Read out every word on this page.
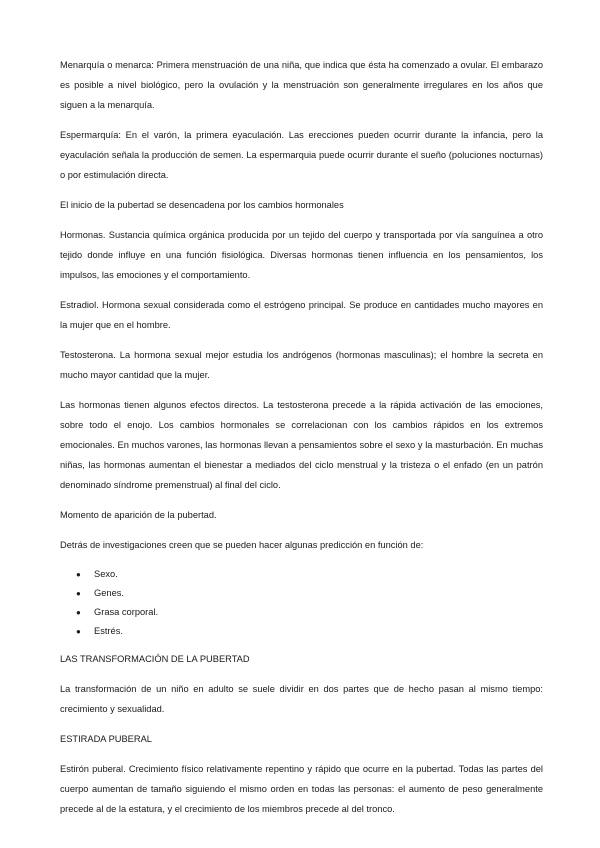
Menarquía o menarca: Primera menstruación de una niña, que indica que ésta ha comenzado a ovular. El embarazo es posible a nivel biológico, pero la ovulación y la menstruación son generalmente irregulares en los años que siguen a la menarquía.

Espermarquía: En el varón, la primera eyaculación. Las erecciones pueden ocurrir durante la infancia, pero la eyaculación señala la producción de semen. La espermarquia puede ocurrir durante el sueño (poluciones nocturnas) o por estimulación directa.

El inicio de la pubertad se desencadena por los cambios hormonales

Hormonas. Sustancia química orgánica producida por un tejido del cuerpo y transportada por vía sanguínea a otro tejido donde influye en una función fisiológica. Diversas hormonas tienen influencia en los pensamientos, los impulsos, las emociones y el comportamiento.

Estradiol. Hormona sexual considerada como el estrógeno principal. Se produce en cantidades mucho mayores en la mujer que en el hombre.

Testosterona. La hormona sexual mejor estudia los andrógenos (hormonas masculinas); el hombre la secreta en mucho mayor cantidad que la mujer.

Las hormonas tienen algunos efectos directos. La testosterona precede a la rápida activación de las emociones, sobre todo el enojo. Los cambios hormonales se correlacionan con los cambios rápidos en los extremos emocionales. En muchos varones, las hormonas llevan a pensamientos sobre el sexo y la masturbación. En muchas niñas, las hormonas aumentan el bienestar a mediados del ciclo menstrual y la tristeza o el enfado (en un patrón denominado síndrome premenstrual) al final del ciclo.

Momento de aparición de la pubertad.

Detrás de investigaciones creen que se pueden hacer algunas predicción en función de:

● Sexo.
● Genes.
● Grasa corporal.
● Estrés.

LAS TRANSFORMACIÓN DE LA PUBERTAD

La transformación de un niño en adulto se suele dividir en dos partes que de hecho pasan al mismo tiempo: crecimiento y sexualidad.

ESTIRADA PUBERAL

Estirón puberal. Crecimiento físico relativamente repentino y rápido que ocurre en la pubertad. Todas las partes del cuerpo aumentan de tamaño siguiendo el mismo orden en todas las personas: el aumento de peso generalmente precede al de la estatura, y el crecimiento de los miembros precede al del tronco.
